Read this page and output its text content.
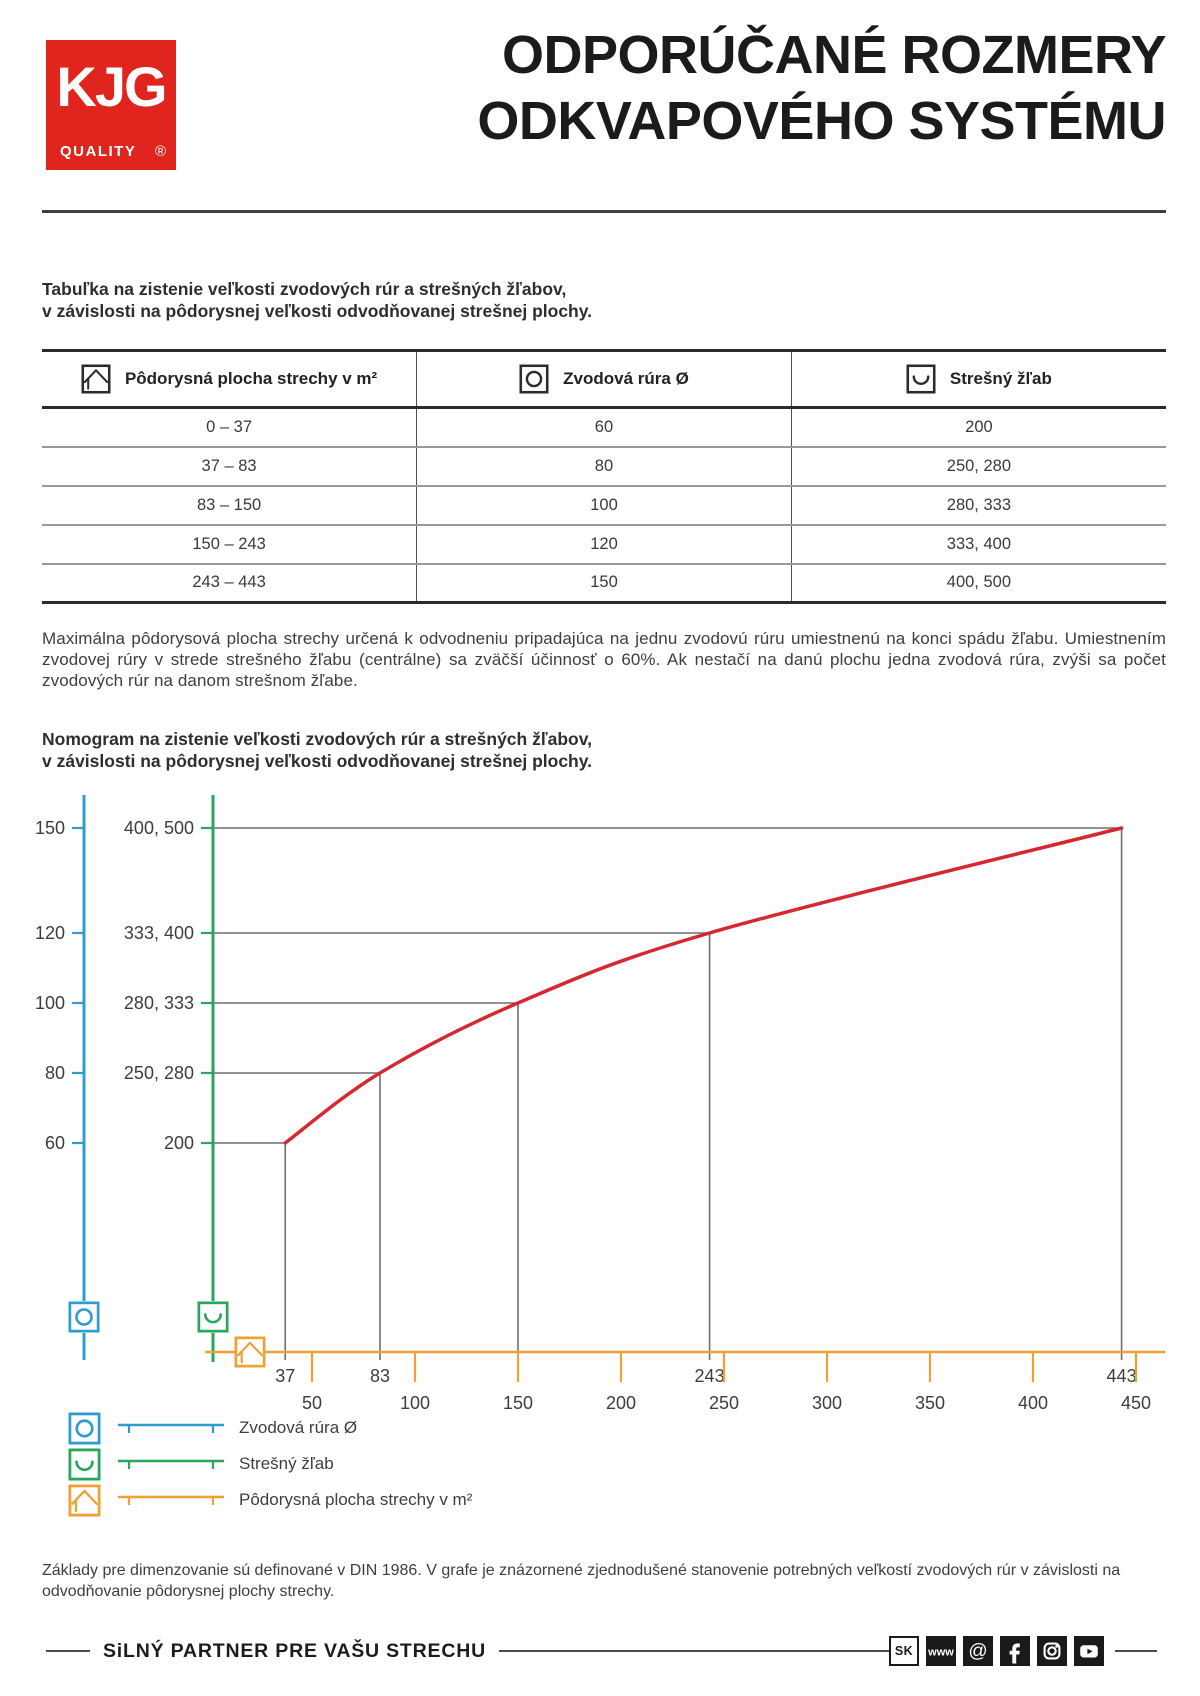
KJG
QUALITY ®
ODPORÚČANÉ ROZMERY
ODKVAPOVÉHO SYSTÉMU

Tabuľka na zistenie veľkosti zvodových rúr a strešných žľabov,
v závislosti na pôdorysnej veľkosti odvodňovanej strešnej plochy.

Pôdorysná plocha strechy v m²	Zvodová rúra Ø	Strešný žľab

0 – 37	60	200
37 – 83	80	250, 280
83 – 150	100	280, 333
150 – 243	120	333, 400
243 – 443	150	400, 500

Maximálna pôdorysová plocha strechy určená k odvodneniu pripadajúca na jednu zvodovú rúru umiestnenú na konci spádu žľabu. Umiestnením zvodovej rúry v strede strešného žľabu (centrálne) sa zväčší účinnosť o 60%. Ak nestačí na danú plochu jedna zvodová rúra, zvýši sa počet zvodových rúr na danom strešnom žľabe.

Nomogram na zistenie veľkosti zvodových rúr a strešných žľabov,
v závislosti na pôdorysnej veľkosti odvodňovanej strešnej plochy.

37	83	243	443
150
120
100
80
60
400, 500
333, 400
280, 333
250, 280
200
50	100	150	200	250	300	350	400	450
Zvodová rúra Ø
Strešný žľab
Pôdorysná plocha strechy v m²

Základy pre dimenzovanie sú definované v DIN 1986. V grafe je znázornené zjednodušené stanovenie potrebných veľkostí zvodových rúr v závislosti na odvodňovanie pôdorysnej plochy strechy.

SiLNÝ PARTNER PRE VAŠU STRECHU	SK	www @
